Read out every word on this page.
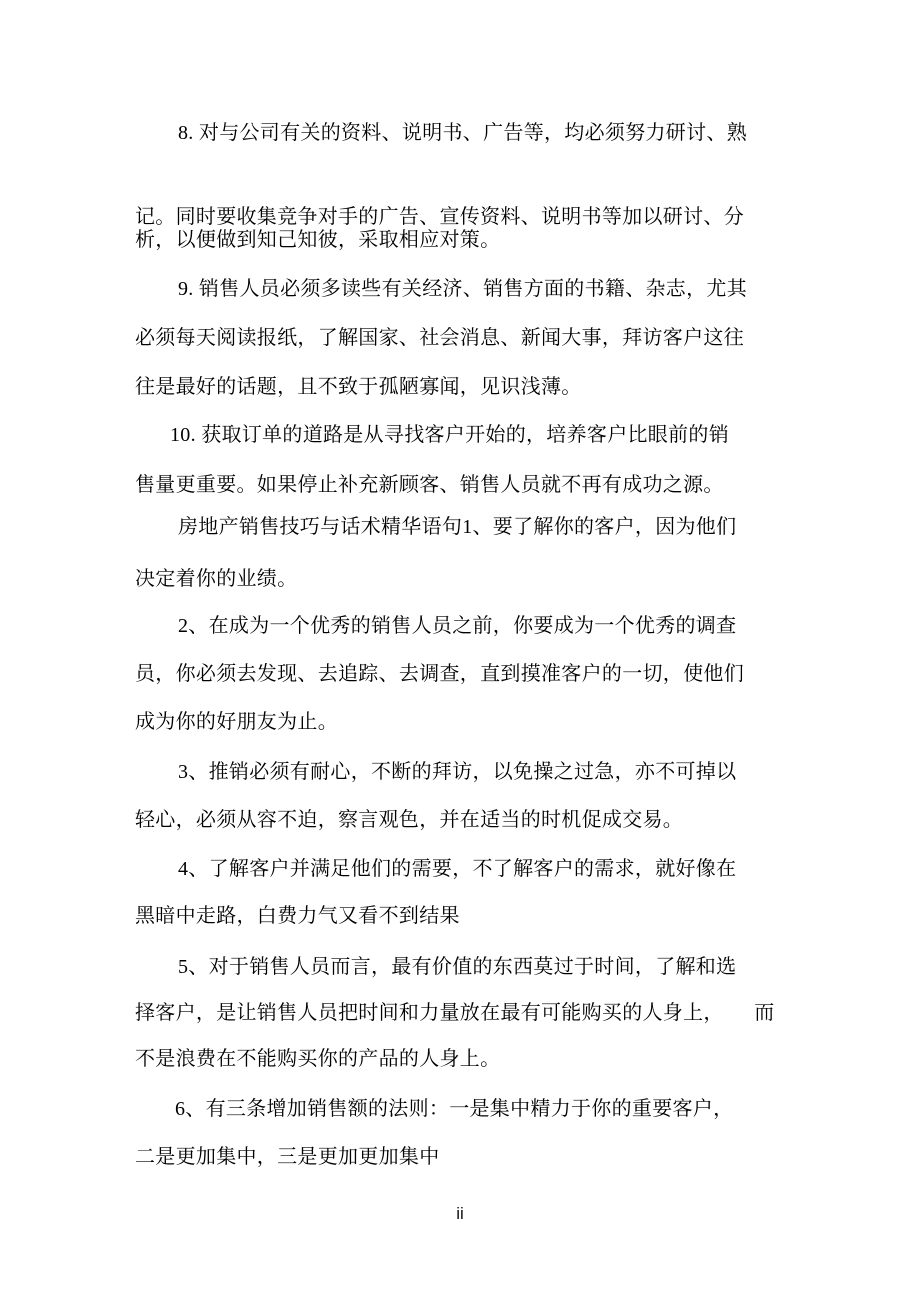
8. 对与公司有关的资料、说明书、广告等，均必须努力研讨、熟
记。同时要收集竞争对手的广告、宣传资料、说明书等加以研讨、分
析，以便做到知己知彼，采取相应对策。
9. 销售人员必须多读些有关经济、销售方面的书籍、杂志，尤其
必须每天阅读报纸，了解国家、社会消息、新闻大事，拜访客户这往
往是最好的话题，且不致于孤陋寡闻，见识浅薄。
10. 获取订单的道路是从寻找客户开始的，培养客户比眼前的销
售量更重要。如果停止补充新顾客、销售人员就不再有成功之源。
房地产销售技巧与话术精华语句1、要了解你的客户，因为他们
决定着你的业绩。
2、在成为一个优秀的销售人员之前，你要成为一个优秀的调查
员，你必须去发现、去追踪、去调查，直到摸准客户的一切，使他们
成为你的好朋友为止。
3、推销必须有耐心，不断的拜访，以免操之过急，亦不可掉以
轻心，必须从容不迫，察言观色，并在适当的时机促成交易。
4、了解客户并满足他们的需要，不了解客户的需求，就好像在
黑暗中走路，白费力气又看不到结果
5、对于销售人员而言，最有价值的东西莫过于时间，了解和选
择客户，是让销售人员把时间和力量放在最有可能购买的人身上，　　而
不是浪费在不能购买你的产品的人身上。
6、有三条增加销售额的法则：一是集中精力于你的重要客户，
二是更加集中，三是更加更加集中
ii
